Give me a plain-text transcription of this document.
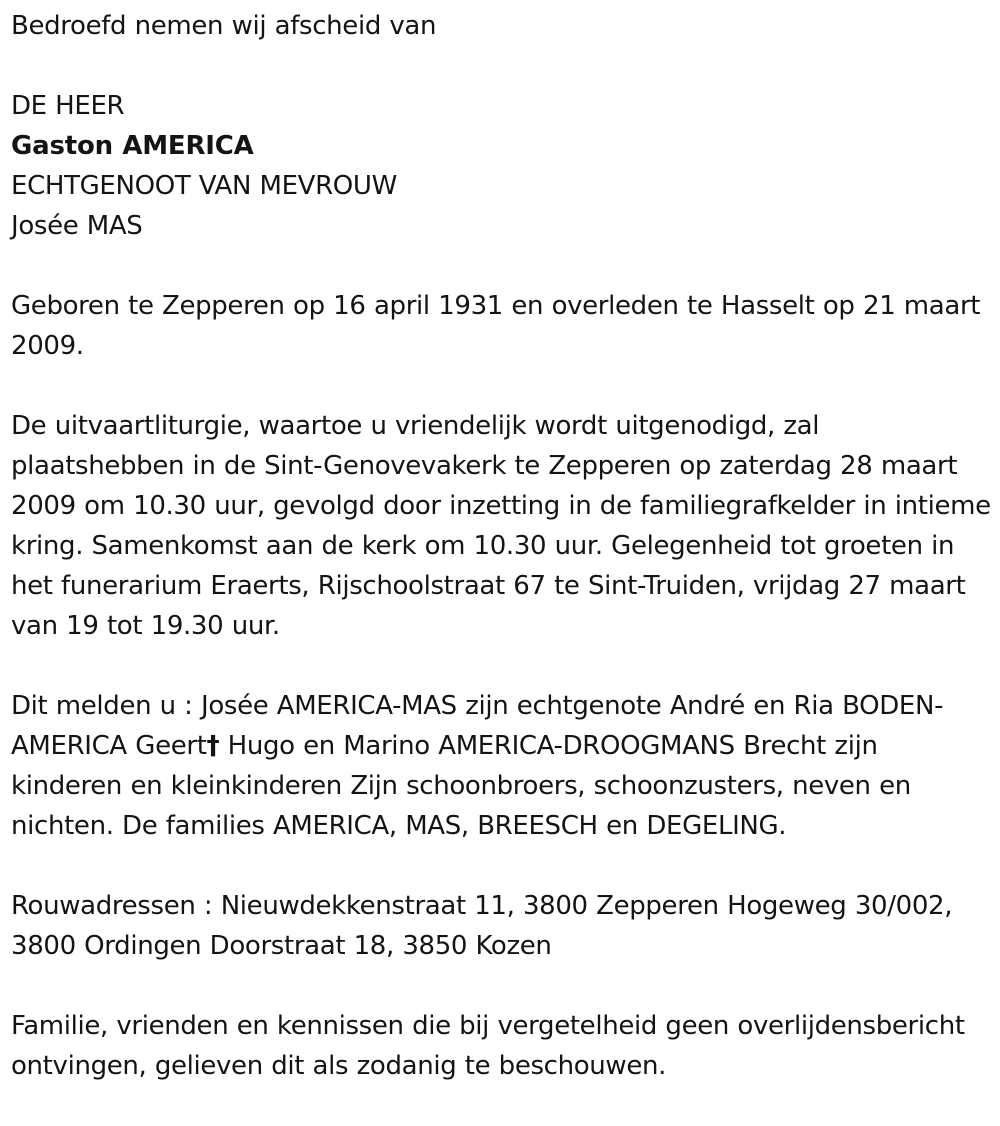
Bedroefd nemen wij afscheid van

DE HEER

Gaston AMERICA

ECHTGENOOT VAN MEVROUW

Josée MAS

Geboren te Zepperen op 16 april 1931 en overleden te Hasselt op 21 maart 2009.

De uitvaartliturgie, waartoe u vriendelijk wordt uitgenodigd, zal plaatshebben in de Sint-Genovevakerk te Zepperen op zaterdag 28 maart 2009 om 10.30 uur, gevolgd door inzetting in de familiegrafkelder in intieme kring. Samenkomst aan de kerk om 10.30 uur. Gelegenheid tot groeten in het funerarium Eraerts, Rijschoolstraat 67 te Sint-Truiden, vrijdag 27 maart van 19 tot 19.30 uur.

Dit melden u : Josée AMERICA-MAS zijn echtgenote André en Ria BODEN-AMERICA Geert† Hugo en Marino AMERICA-DROOGMANS Brecht zijn kinderen en kleinkinderen Zijn schoonbroers, schoonzusters, neven en nichten. De families AMERICA, MAS, BREESCH en DEGELING.

Rouwadressen : Nieuwdekkenstraat 11, 3800 Zepperen Hogeweg 30/002, 3800 Ordingen Doorstraat 18, 3850 Kozen

Familie, vrienden en kennissen die bij vergetelheid geen overlijdensbericht ontvingen, gelieven dit als zodanig te beschouwen.
